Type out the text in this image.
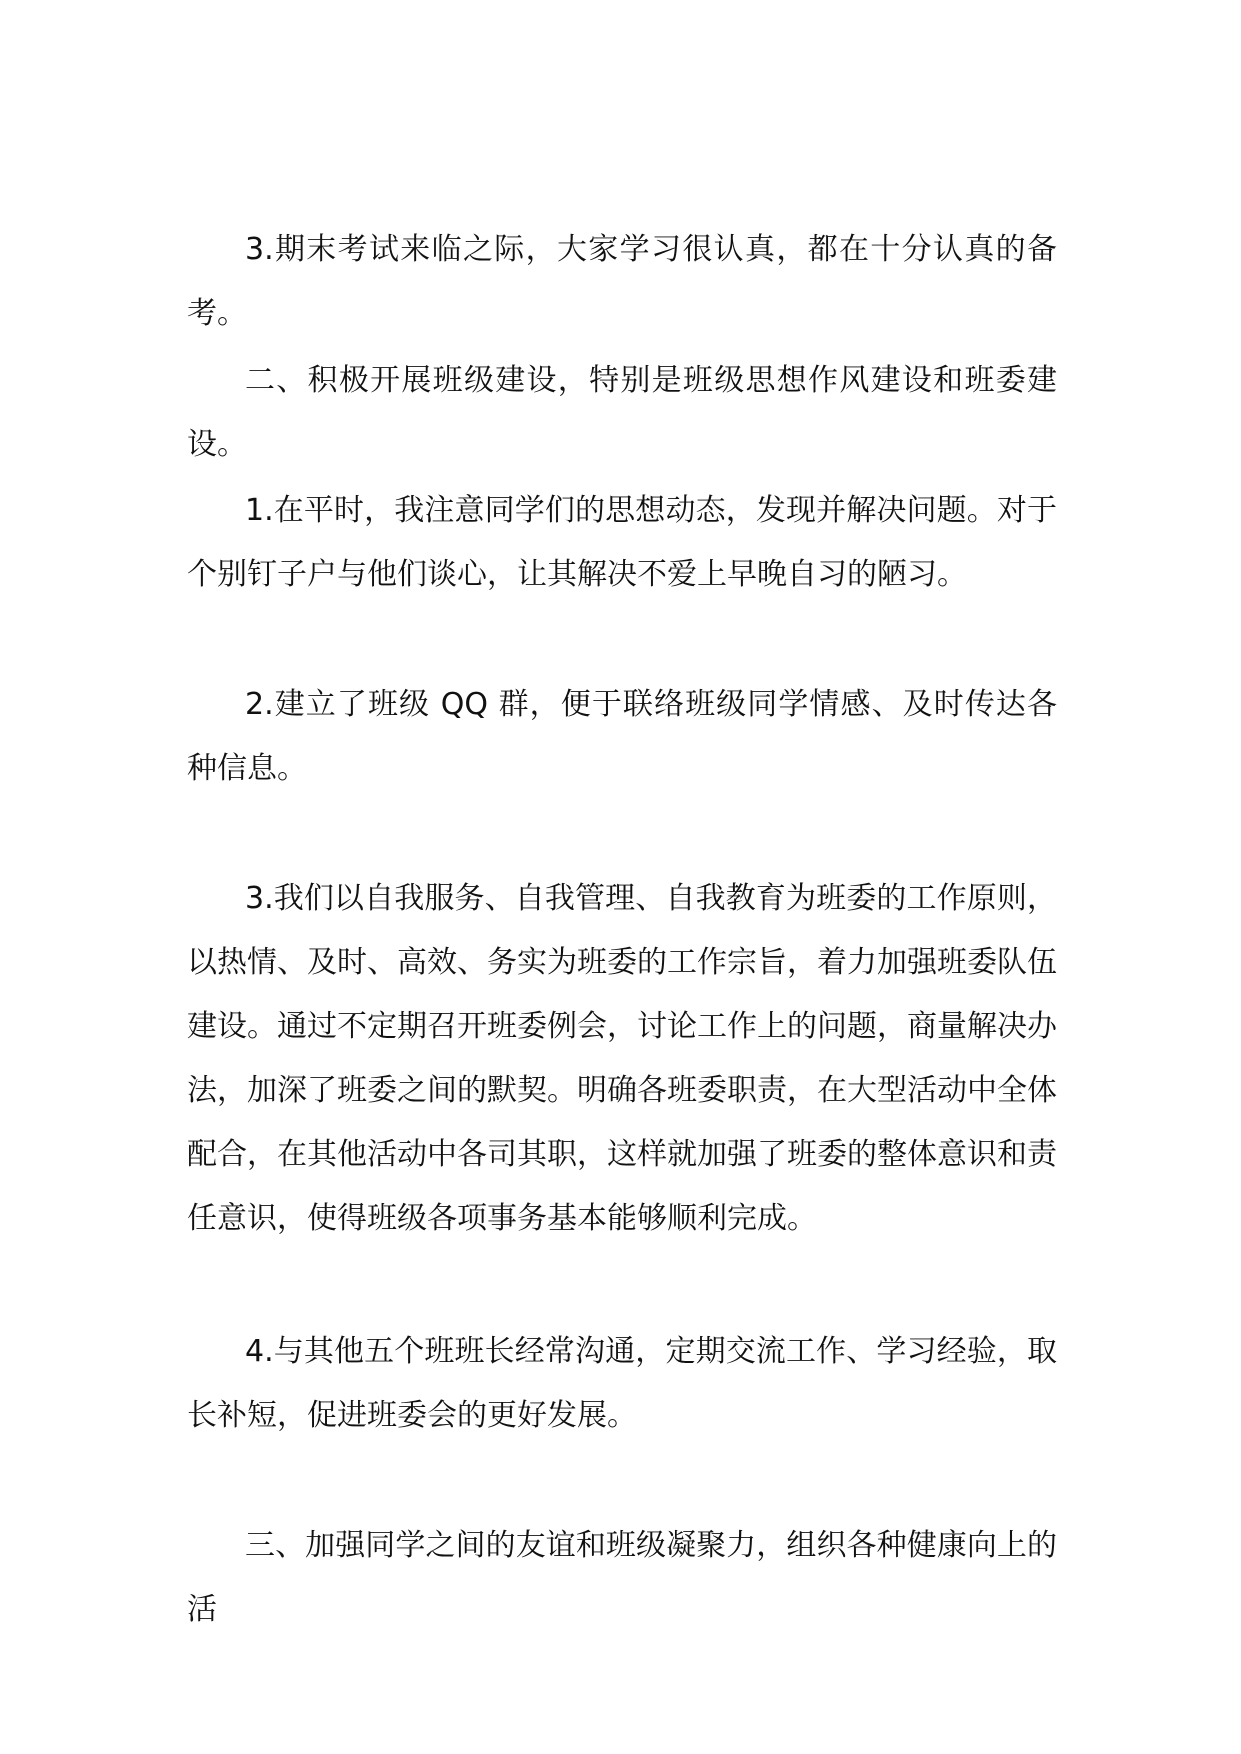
3.期末考试来临之际，大家学习很认真，都在十分认真的备考。

二、积极开展班级建设，特别是班级思想作风建设和班委建设。

1.在平时，我注意同学们的思想动态，发现并解决问题。对于个别钉子户与他们谈心，让其解决不爱上早晚自习的陋习。

2.建立了班级 QQ 群，便于联络班级同学情感、及时传达各种信息。

3.我们以自我服务、自我管理、自我教育为班委的工作原则，以热情、及时、高效、务实为班委的工作宗旨，着力加强班委队伍建设。通过不定期召开班委例会，讨论工作上的问题，商量解决办法，加深了班委之间的默契。明确各班委职责，在大型活动中全体配合，在其他活动中各司其职，这样就加强了班委的整体意识和责任意识，使得班级各项事务基本能够顺利完成。

4.与其他五个班班长经常沟通，定期交流工作、学习经验，取长补短，促进班委会的更好发展。

三、加强同学之间的友谊和班级凝聚力，组织各种健康向上的活
